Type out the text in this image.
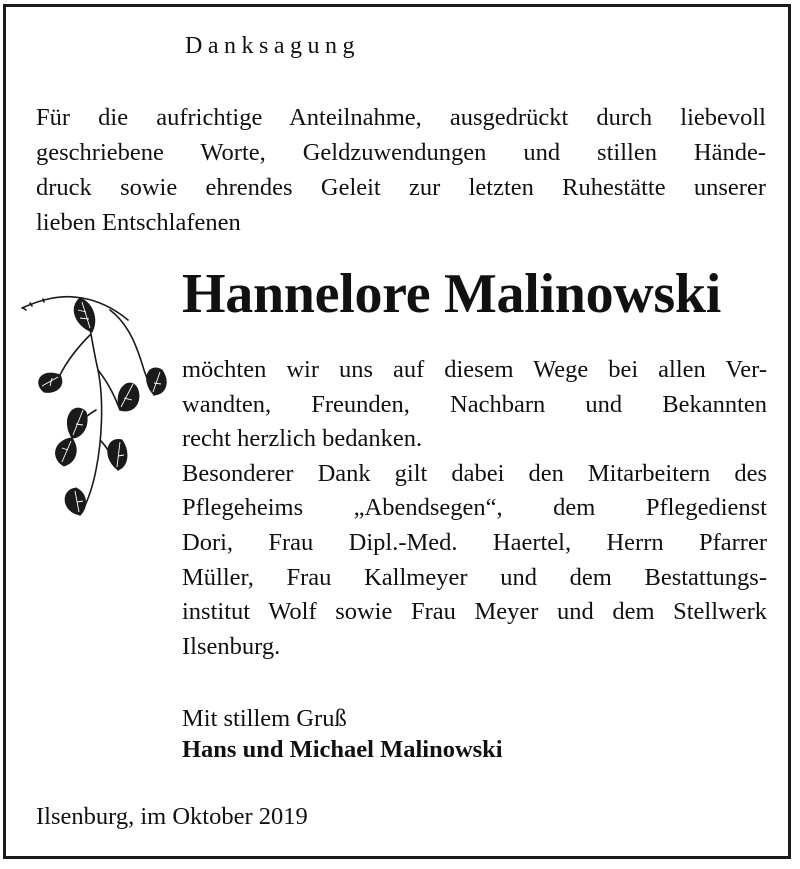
Danksagung
Für die aufrichtige Anteilnahme, ausgedrückt durch liebevoll
geschriebene Worte, Geldzuwendungen und stillen Hände-
druck sowie ehrendes Geleit zur letzten Ruhestätte unserer
lieben Entschlafenen
Hannelore Malinowski
möchten wir uns auf diesem Wege bei allen Ver-
wandten, Freunden, Nachbarn und Bekannten
recht herzlich bedanken.
Besonderer Dank gilt dabei den Mitarbeitern des
Pflegeheims „Abendsegen“, dem Pflegedienst
Dori, Frau Dipl.-Med. Haertel, Herrn Pfarrer
Müller, Frau Kallmeyer und dem Bestattungs-
institut Wolf sowie Frau Meyer und dem Stellwerk
Ilsenburg.
Mit stillem Gruß
Hans und Michael Malinowski
Ilsenburg, im Oktober 2019
